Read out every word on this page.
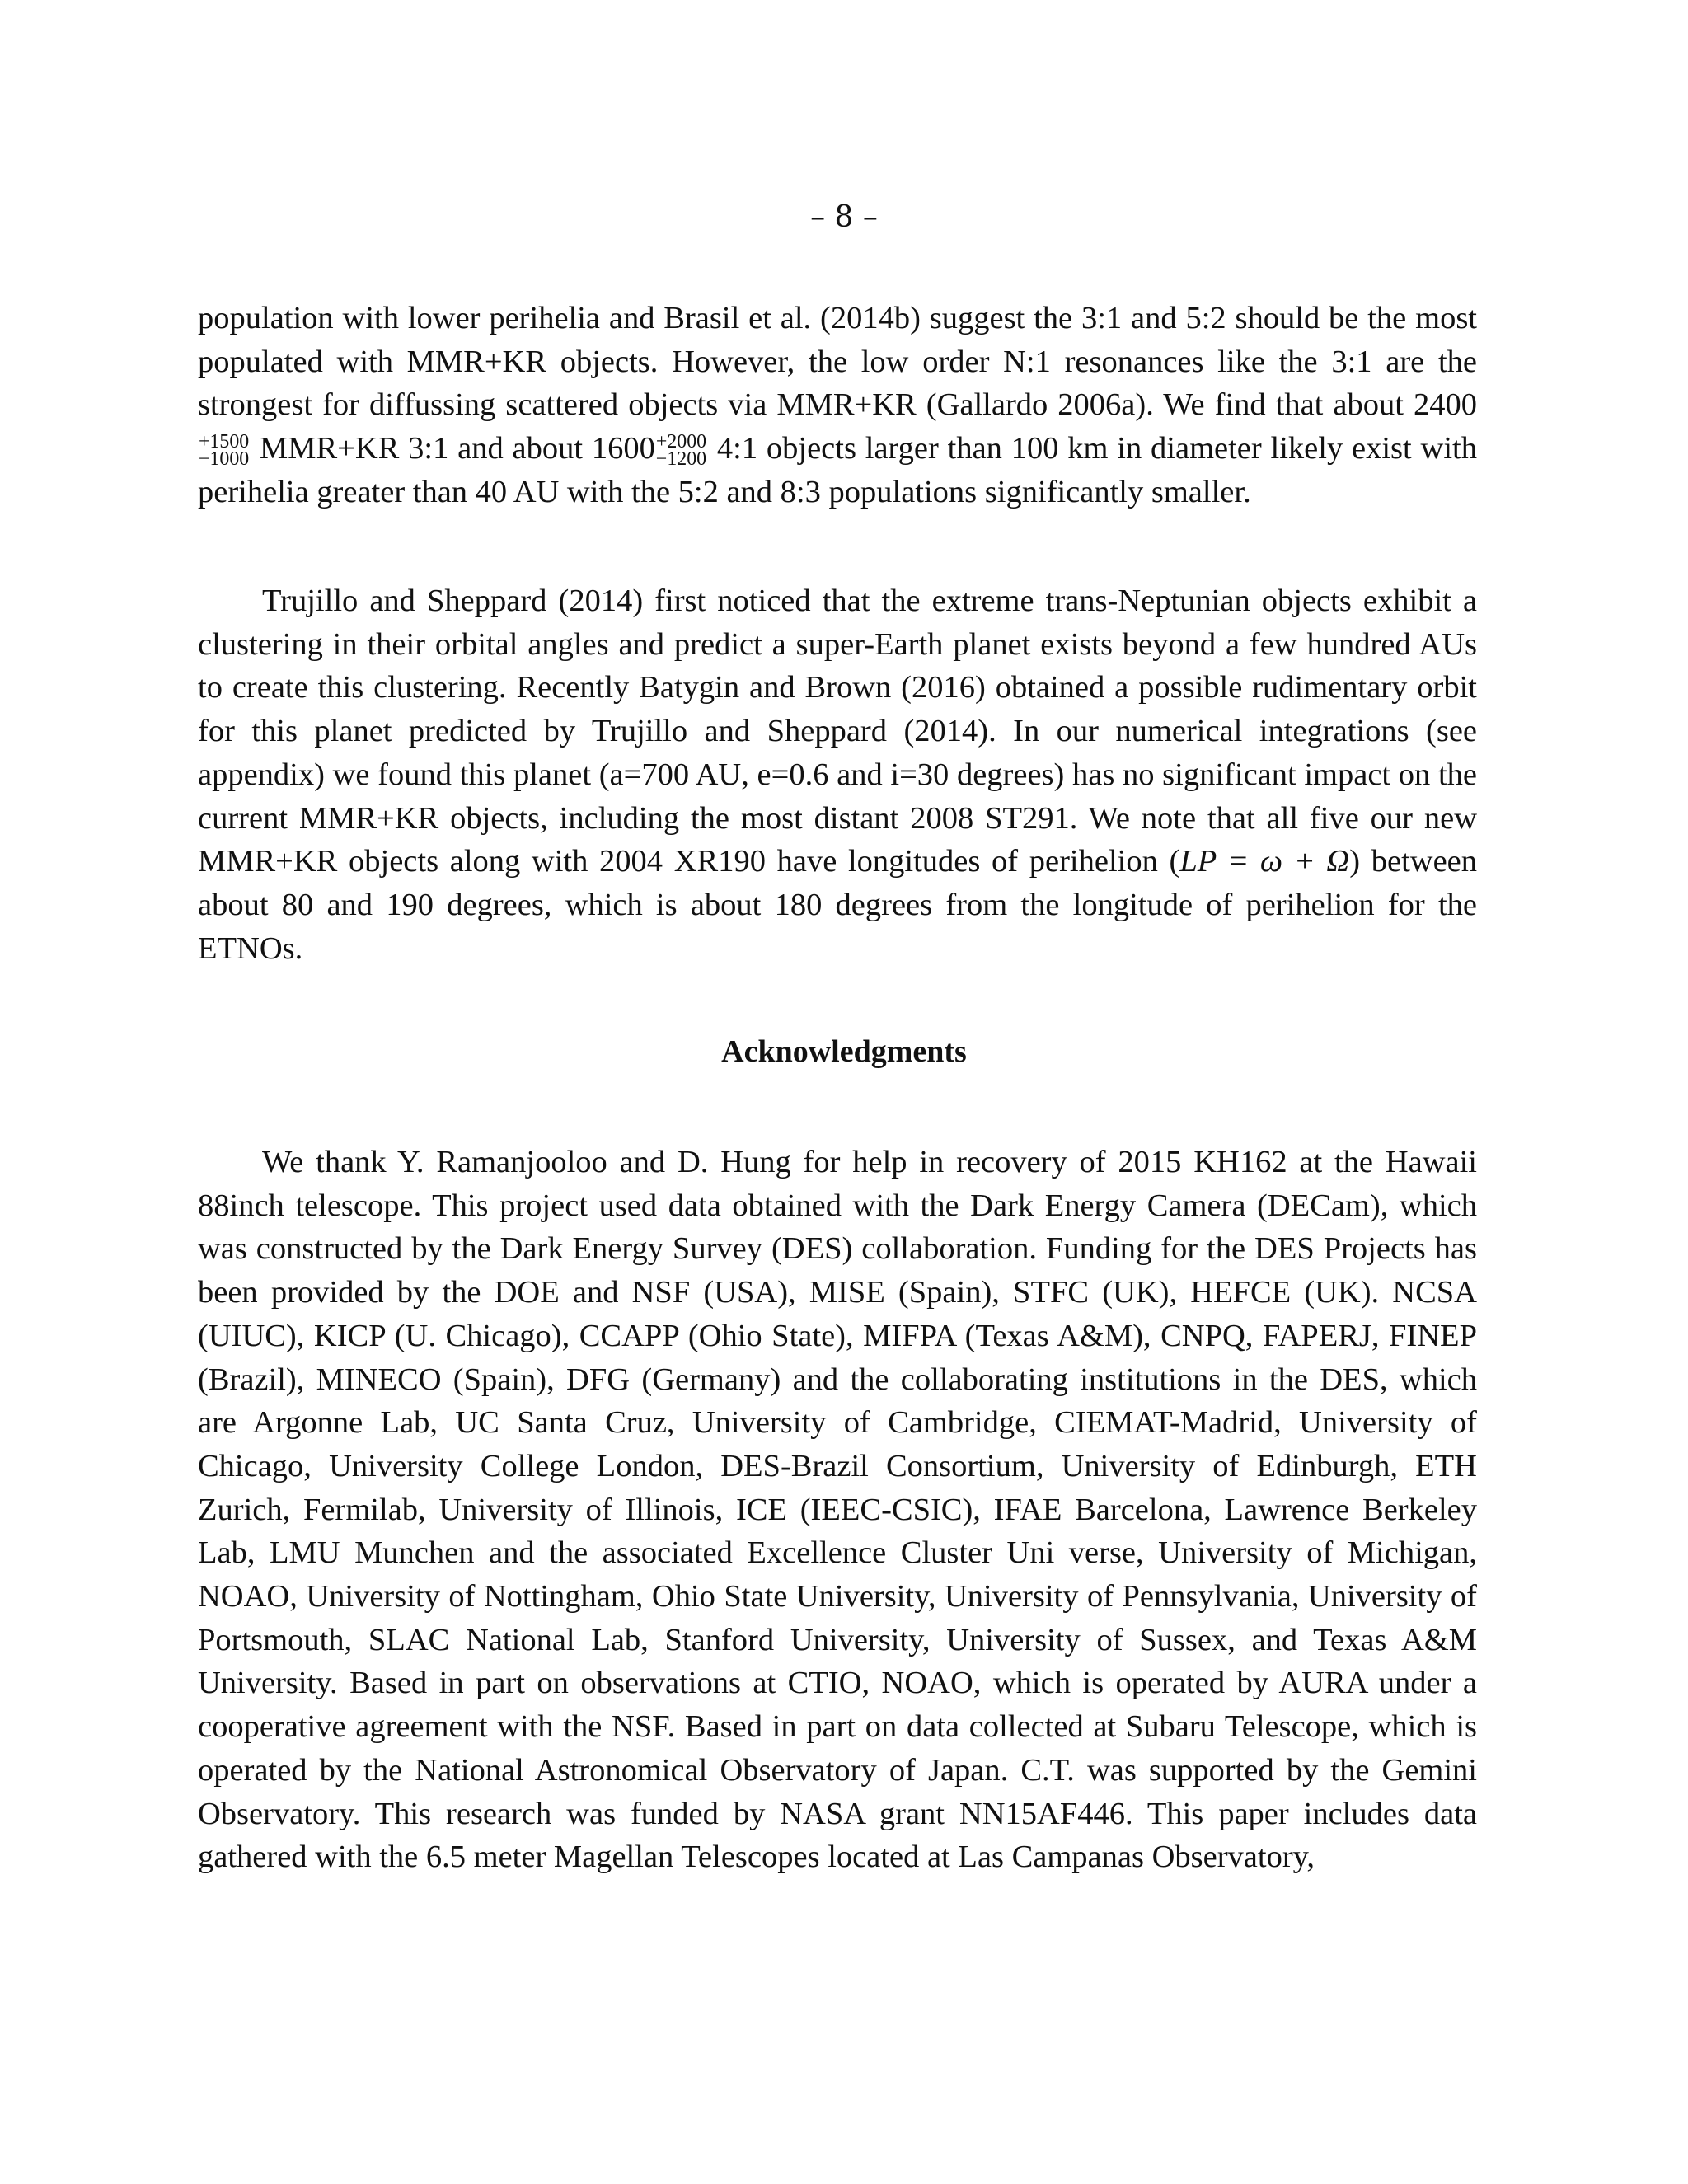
– 8 –

population with lower perihelia and Brasil et al. (2014b) suggest the 3:1 and 5:2 should be the most populated with MMR+KR objects. However, the low order N:1 resonances like the 3:1 are the strongest for diffussing scattered objects via MMR+KR (Gallardo 2006a). We find that about 2400
+1500
−1000 MMR+KR 3:1 and about 1600 +2000
−1200 4:1 objects larger than 100 km in diameter likely exist with perihelia greater than 40 AU with the 5:2 and 8:3 populations significantly smaller.

Trujillo and Sheppard (2014) first noticed that the extreme trans-Neptunian objects exhibit a clustering in their orbital angles and predict a super-Earth planet exists beyond a few hundred AUs to create this clustering. Recently Batygin and Brown (2016) obtained a possible rudimentary orbit for this planet predicted by Trujillo and Sheppard (2014). In our numerical integrations (see appendix) we found this planet (a=700 AU, e=0.6 and i=30 degrees) has no significant impact on the current MMR+KR objects, including the most distant 2008 ST291. We note that all five our new MMR+KR objects along with 2004 XR190 have longitudes of perihelion (LP = ω + Ω) between about 80 and 190 degrees, which is about 180 degrees from the longitude of perihelion for the ETNOs.

Acknowledgments

We thank Y. Ramanjooloo and D. Hung for help in recovery of 2015 KH162 at the Hawaii 88inch telescope. This project used data obtained with the Dark Energy Camera (DECam), which was constructed by the Dark Energy Survey (DES) collaboration. Funding for the DES Projects has been provided by the DOE and NSF (USA), MISE (Spain), STFC (UK), HEFCE (UK). NCSA (UIUC), KICP (U. Chicago), CCAPP (Ohio State), MIFPA (Texas A&M), CNPQ, FAPERJ, FINEP (Brazil), MINECO (Spain), DFG (Germany) and the collaborating institutions in the DES, which are Argonne Lab, UC Santa Cruz, University of Cambridge, CIEMAT-Madrid, University of Chicago, University College London, DES-Brazil Consortium, University of Edinburgh, ETH Zurich, Fermilab, University of Illinois, ICE (IEEC-CSIC), IFAE Barcelona, Lawrence Berkeley Lab, LMU Munchen and the associated Excellence Cluster Uni verse, University of Michigan, NOAO, University of Nottingham, Ohio State University, University of Pennsylvania, University of Portsmouth, SLAC National Lab, Stanford University, University of Sussex, and Texas A&M University. Based in part on observations at CTIO, NOAO, which is operated by AURA under a cooperative agreement with the NSF. Based in part on data collected at Subaru Telescope, which is operated by the National Astronomical Observatory of Japan. C.T. was supported by the Gemini Observatory. This research was funded by NASA grant NN15AF446. This paper includes data gathered with the 6.5 meter Magellan Telescopes located at Las Campanas Observatory,
